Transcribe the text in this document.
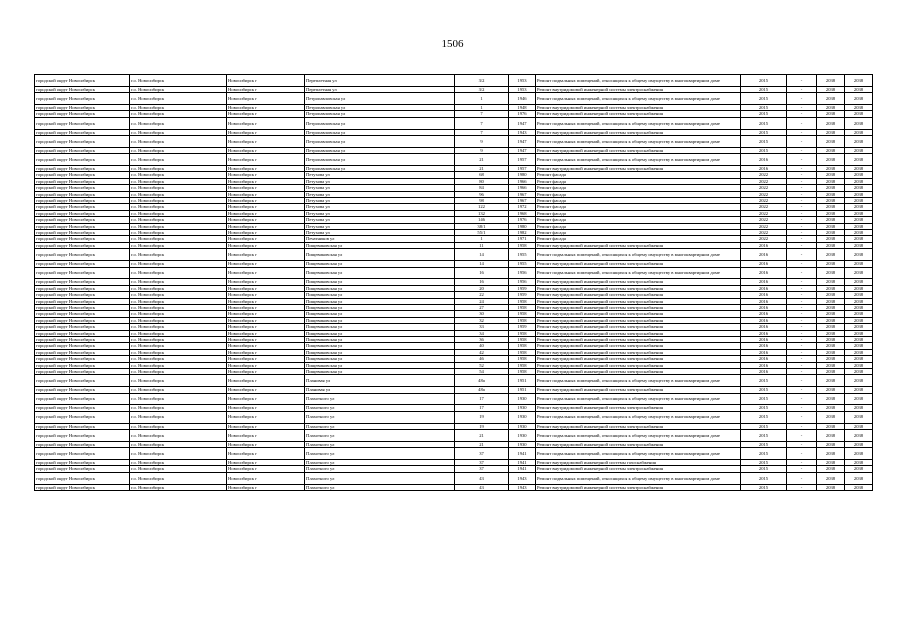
1506
городской округ Новосибирск	г.о. Новосибирск	Новосибирск г	Переплетная ул	3/2	1953	Ремонт подвальных помещений, относящихся к общему имуществу в многоквартирном доме	2015	-	2038	2038
городской округ Новосибирск	г.о. Новосибирск	Новосибирск г	Переплетная ул	3/2	1953	Ремонт внутридомовой инженерной системы электроснабжения	2015	-	2038	2038
городской округ Новосибирск	г.о. Новосибирск	Новосибирск г	Петропавловская ул	1	1946	Ремонт подвальных помещений, относящихся к общему имуществу в многоквартирном доме	2015	-	2038	2038
городской округ Новосибирск	г.о. Новосибирск	Новосибирск г	Петропавловская ул	1	1948	Ремонт внутридомовой инженерной системы электроснабжения	2015	-	2038	2038
городской округ Новосибирск	г.о. Новосибирск	Новосибирск г	Петропавловская ул	7	1976	Ремонт внутридомовой инженерной системы электроснабжения	2015	-	2038	2038
городской округ Новосибирск	г.о. Новосибирск	Новосибирск г	Петропавловская ул	7	1947	Ремонт подвальных помещений, относящихся к общему имуществу в многоквартирном доме	2015	-	2038	2038
городской округ Новосибирск	г.о. Новосибирск	Новосибирск г	Петропавловская ул	7	1943	Ремонт внутридомовой инженерной системы электроснабжения	2015	-	2038	2038
городской округ Новосибирск	г.о. Новосибирск	Новосибирск г	Петропавловская ул	9	1947	Ремонт подвальных помещений, относящихся к общему имуществу в многоквартирном доме	2015	-	2038	2038
городской округ Новосибирск	г.о. Новосибирск	Новосибирск г	Петропавловская ул	9	1947	Ремонт внутридомовой инженерной системы электроснабжения	2015	-	2038	2038
городской округ Новосибирск	г.о. Новосибирск	Новосибирск г	Петропавловская ул	21	1957	Ремонт подвальных помещений, относящихся к общему имуществу в многоквартирном доме	2016	-	2038	2038
городской округ Новосибирск	г.о. Новосибирск	Новосибирск г	Петропавловская ул	21	1957	Ремонт внутридомовой инженерной системы электроснабжения	2016	-	2038	2038
городской округ Новосибирск	г.о. Новосибирск	Новосибирск г	Петухова ул	68	1980	Ремонт фасада	2022	-	2038	2038
городской округ Новосибирск	г.о. Новосибирск	Новосибирск г	Петухова ул	80	1966	Ремонт фасада	2022	-	2038	2038
городской округ Новосибирск	г.о. Новосибирск	Новосибирск г	Петухова ул	84	1966	Ремонт фасада	2022	-	2038	2038
городской округ Новосибирск	г.о. Новосибирск	Новосибирск г	Петухова ул	96	1967	Ремонт фасада	2022	-	2038	2038
городской округ Новосибирск	г.о. Новосибирск	Новосибирск г	Петухова ул	98	1967	Ремонт фасада	2022	-	2038	2038
городской округ Новосибирск	г.о. Новосибирск	Новосибирск г	Петухова ул	122	1972	Ремонт фасада	2022	-	2038	2038
городской округ Новосибирск	г.о. Новосибирск	Новосибирск г	Петухова ул	132	1968	Ремонт фасада	2022	-	2038	2038
городской округ Новосибирск	г.о. Новосибирск	Новосибирск г	Петухова ул	146	1976	Ремонт фасада	2022	-	2038	2038
городской округ Новосибирск	г.о. Новосибирск	Новосибирск г	Петухова ул	38/1	1980	Ремонт фасада	2022	-	2038	2038
городской округ Новосибирск	г.о. Новосибирск	Новосибирск г	Петухова ул	55/1	1982	Ремонт фасада	2022	-	2038	2038
городской округ Новосибирск	г.о. Новосибирск	Новосибирск г	Печатников ул	1	1971	Ремонт фасада	2022	-	2038	2038
городской округ Новосибирск	г.о. Новосибирск	Новосибирск г	Пищевиковская ул	11	1958	Ремонт внутридомовой инженерной системы электроснабжения	2016	-	2038	2038
городской округ Новосибирск	г.о. Новосибирск	Новосибирск г	Пищевиковская ул	14	1955	Ремонт подвальных помещений, относящихся к общему имуществу в многоквартирном доме	2016	-	2038	2038
городской округ Новосибирск	г.о. Новосибирск	Новосибирск г	Пищевиковская ул	14	1955	Ремонт внутридомовой инженерной системы электроснабжения	2016	-	2038	2038
городской округ Новосибирск	г.о. Новосибирск	Новосибирск г	Пищевиковская ул	16	1956	Ремонт подвальных помещений, относящихся к общему имуществу в многоквартирном доме	2016	-	2038	2038
городской округ Новосибирск	г.о. Новосибирск	Новосибирск г	Пищевиковская ул	16	1956	Ремонт внутридомовой инженерной системы электроснабжения	2016	-	2038	2038
городской округ Новосибирск	г.о. Новосибирск	Новосибирск г	Пищевиковская ул	20	1959	Ремонт внутридомовой инженерной системы электроснабжения	2016	-	2038	2038
городской округ Новосибирск	г.о. Новосибирск	Новосибирск г	Пищевиковская ул	22	1959	Ремонт внутридомовой инженерной системы электроснабжения	2016	-	2038	2038
городской округ Новосибирск	г.о. Новосибирск	Новосибирск г	Пищевиковская ул	24	1958	Ремонт внутридомовой инженерной системы электроснабжения	2016	-	2038	2038
городской округ Новосибирск	г.о. Новосибирск	Новосибирск г	Пищевиковская ул	27	1958	Ремонт внутридомовой инженерной системы электроснабжения	2016	-	2038	2038
городской округ Новосибирск	г.о. Новосибирск	Новосибирск г	Пищевиковская ул	30	1958	Ремонт внутридомовой инженерной системы электроснабжения	2016	-	2038	2038
городской округ Новосибирск	г.о. Новосибирск	Новосибирск г	Пищевиковская ул	32	1958	Ремонт внутридомовой инженерной системы электроснабжения	2016	-	2038	2038
городской округ Новосибирск	г.о. Новосибирск	Новосибирск г	Пищевиковская ул	33	1959	Ремонт внутридомовой инженерной системы электроснабжения	2016	-	2038	2038
городской округ Новосибирск	г.о. Новосибирск	Новосибирск г	Пищевиковская ул	34	1958	Ремонт внутридомовой инженерной системы электроснабжения	2016	-	2038	2038
городской округ Новосибирск	г.о. Новосибирск	Новосибирск г	Пищевиковская ул	36	1958	Ремонт внутридомовой инженерной системы электроснабжения	2016	-	2038	2038
городской округ Новосибирск	г.о. Новосибирск	Новосибирск г	Пищевиковская ул	40	1958	Ремонт внутридомовой инженерной системы электроснабжения	2016	-	2038	2038
городской округ Новосибирск	г.о. Новосибирск	Новосибирск г	Пищевиковская ул	42	1958	Ремонт внутридомовой инженерной системы электроснабжения	2016	-	2038	2038
городской округ Новосибирск	г.о. Новосибирск	Новосибирск г	Пищевиковская ул	46	1958	Ремонт внутридомовой инженерной системы электроснабжения	2016	-	2038	2038
городской округ Новосибирск	г.о. Новосибирск	Новосибирск г	Пищевиковская ул	52	1958	Ремонт внутридомовой инженерной системы электроснабжения	2016	-	2038	2038
городской округ Новосибирск	г.о. Новосибирск	Новосибирск г	Пищевиковская ул	54	1958	Ремонт внутридомовой инженерной системы электроснабжения	2016	-	2038	2038
городской округ Новосибирск	г.о. Новосибирск	Новосибирск г	Плановая ул	48а	1951	Ремонт подвальных помещений, относящихся к общему имуществу в многоквартирном доме	2015	-	2038	2038
городской округ Новосибирск	г.о. Новосибирск	Новосибирск г	Плановая ул	48а	1951	Ремонт внутридомовой инженерной системы электроснабжения	2015	-	2038	2038
городской округ Новосибирск	г.о. Новосибирск	Новосибирск г	Плахотного ул	17	1930	Ремонт подвальных помещений, относящихся к общему имуществу в многоквартирном доме	2015	-	2038	2038
городской округ Новосибирск	г.о. Новосибирск	Новосибирск г	Плахотного ул	17	1930	Ремонт внутридомовой инженерной системы электроснабжения	2015	-	2038	2038
городской округ Новосибирск	г.о. Новосибирск	Новосибирск г	Плахотного ул	19	1930	Ремонт подвальных помещений, относящихся к общему имуществу в многоквартирном доме	2015	-	2038	2038
городской округ Новосибирск	г.о. Новосибирск	Новосибирск г	Плахотного ул	19	1930	Ремонт внутридомовой инженерной системы электроснабжения	2015	-	2038	2038
городской округ Новосибирск	г.о. Новосибирск	Новосибирск г	Плахотного ул	21	1930	Ремонт подвальных помещений, относящихся к общему имуществу в многоквартирном доме	2015	-	2038	2038
городской округ Новосибирск	г.о. Новосибирск	Новосибирск г	Плахотного ул	21	1930	Ремонт внутридомовой инженерной системы электроснабжения	2015	-	2038	2038
городской округ Новосибирск	г.о. Новосибирск	Новосибирск г	Плахотного ул	37	1941	Ремонт подвальных помещений, относящихся к общему имуществу в многоквартирном доме	2015	-	2038	2038
городской округ Новосибирск	г.о. Новосибирск	Новосибирск г	Плахотного ул	37	1941	Ремонт внутридомовой инженерной системы газоснабжения	2015	-	2038	2038
городской округ Новосибирск	г.о. Новосибирск	Новосибирск г	Плахотного ул	37	1941	Ремонт внутридомовой инженерной системы электроснабжения	2015	-	2038	2038
городской округ Новосибирск	г.о. Новосибирск	Новосибирск г	Плахотного ул	43	1943	Ремонт подвальных помещений, относящихся к общему имуществу в многоквартирном доме	2015	-	2038	2038
городской округ Новосибирск	г.о. Новосибирск	Новосибирск г	Плахотного ул	43	1943	Ремонт внутридомовой инженерной системы электроснабжения	2015	-	2038	2038
